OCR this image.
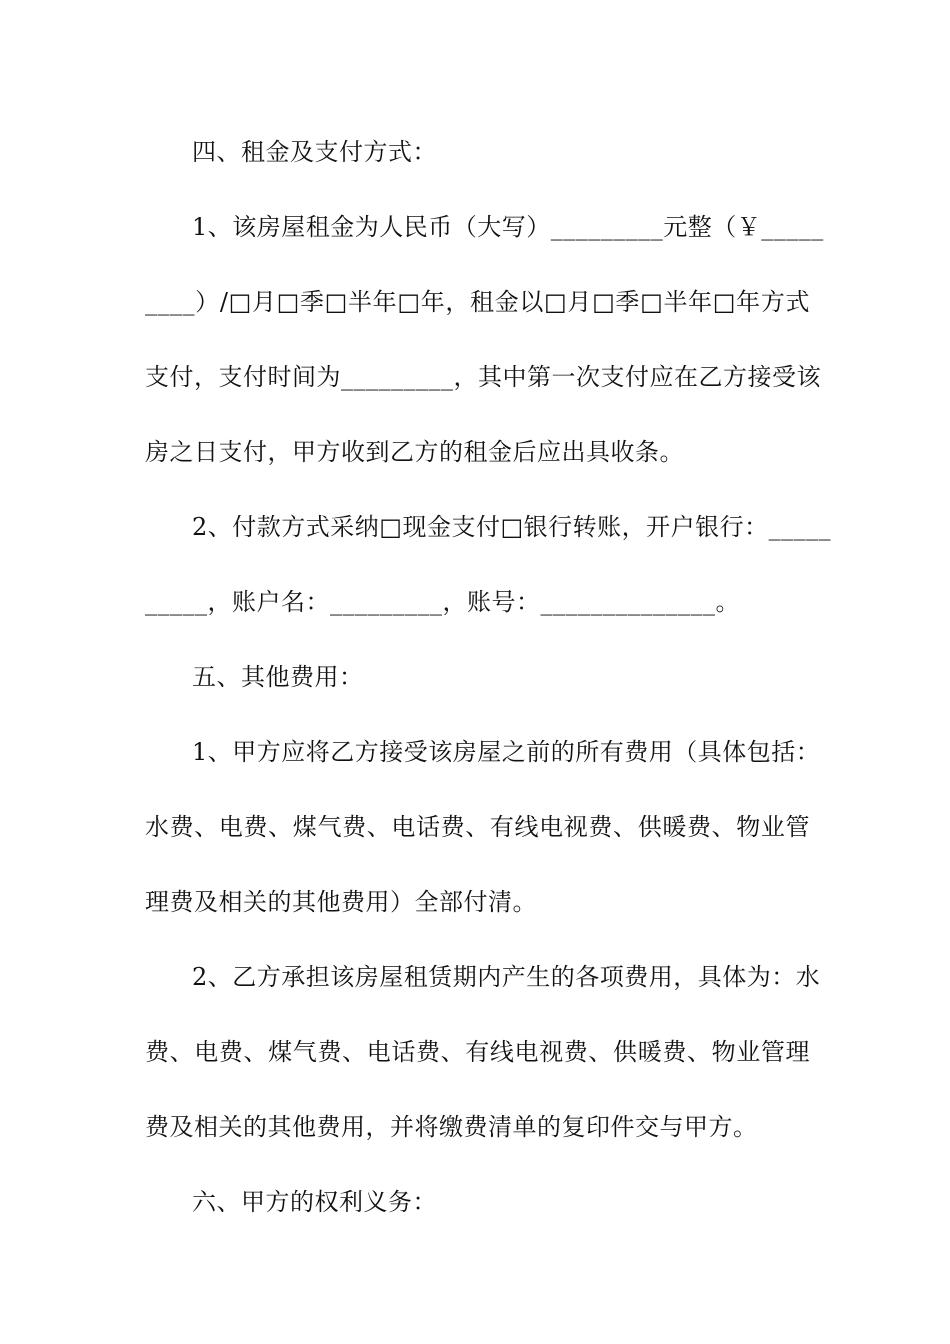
四、租金及支付方式：
1、该房屋租金为人民币（大写）_________元整（￥_____
____）/□月□季□半年□年，租金以□月□季□半年□年方式
支付，支付时间为_________，其中第一次支付应在乙方接受该
房之日支付，甲方收到乙方的租金后应出具收条。
2、付款方式采纳□现金支付□银行转账，开户银行：_____
_____，账户名：_________，账号：______________。
五、其他费用：
1、甲方应将乙方接受该房屋之前的所有费用（具体包括：
水费、电费、煤气费、电话费、有线电视费、供暖费、物业管
理费及相关的其他费用）全部付清。
2、乙方承担该房屋租赁期内产生的各项费用，具体为：水
费、电费、煤气费、电话费、有线电视费、供暖费、物业管理
费及相关的其他费用，并将缴费清单的复印件交与甲方。
六、甲方的权利义务：
